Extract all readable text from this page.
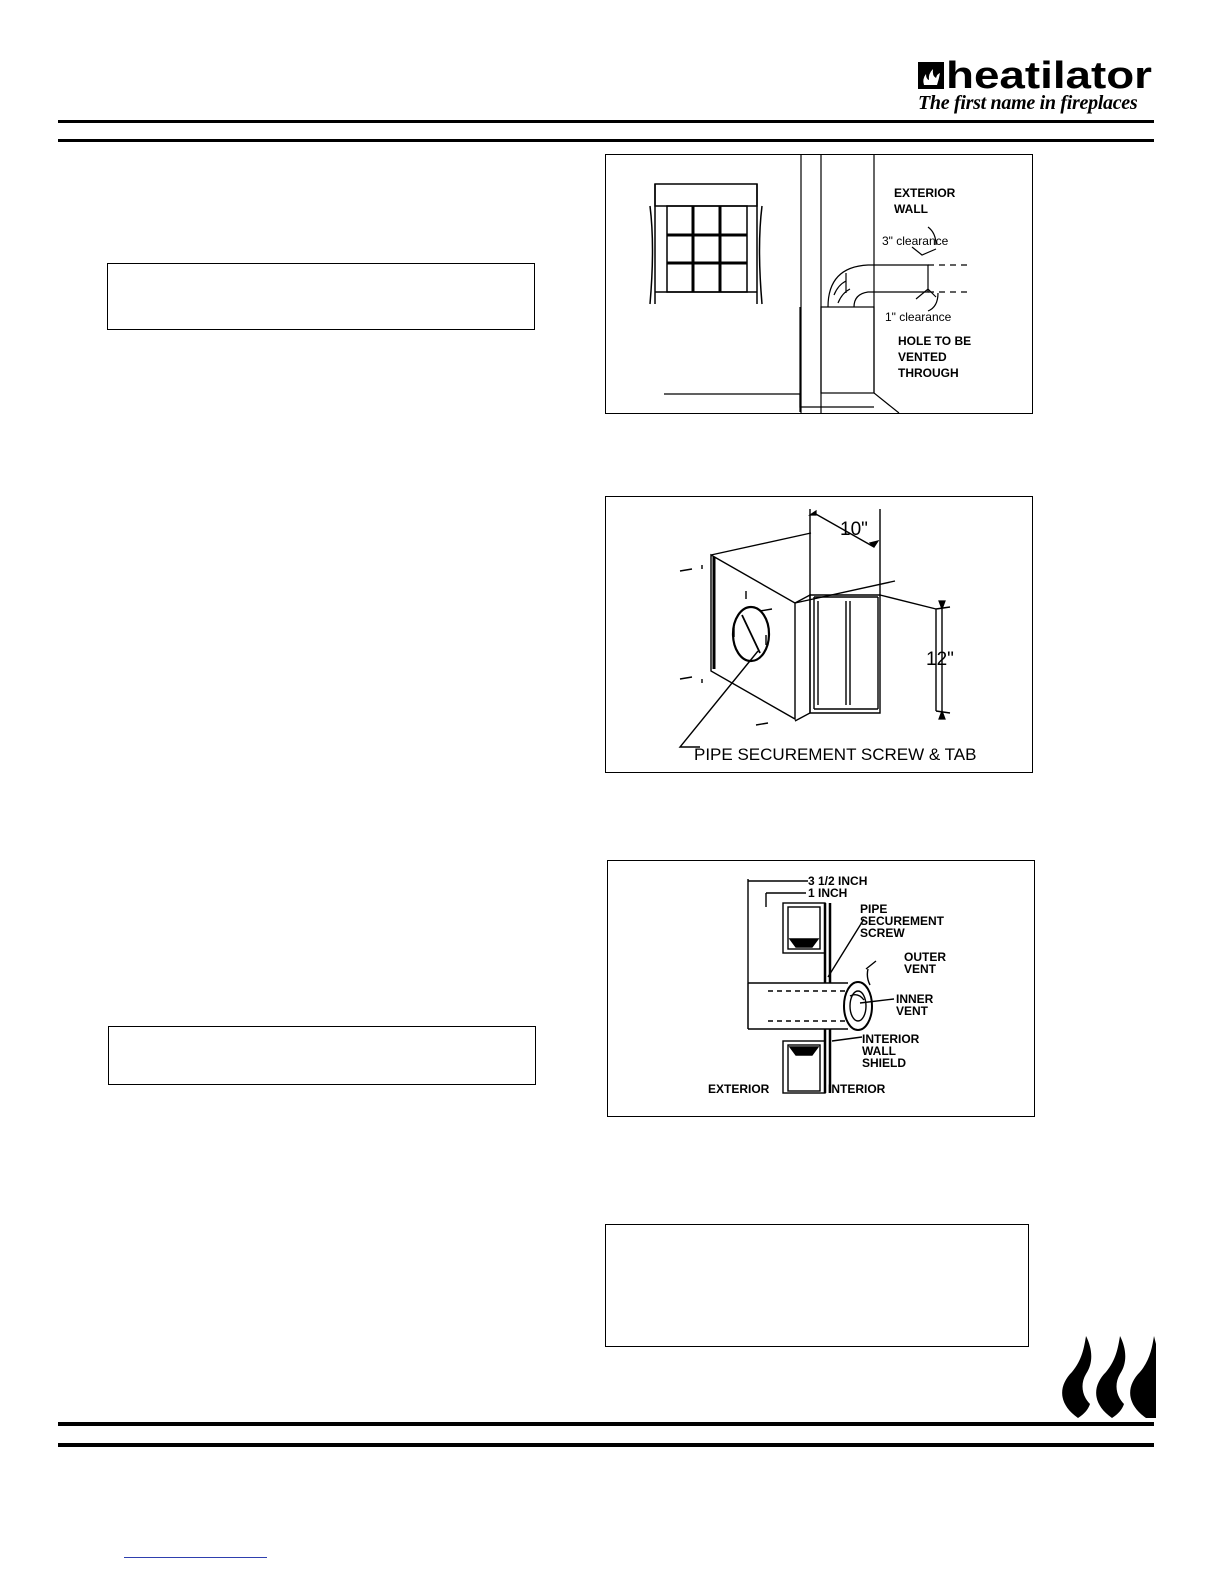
heatilator
The first name in fireplaces
EXTERIOR
WALL
3" clearance
1" clearance
HOLE TO BE
VENTED
THROUGH
10"
12"
PIPE SECUREMENT SCREW & TAB
3 1/2 INCH
1 INCH
PIPE
SECUREMENT
SCREW
OUTER
VENT
INNER
VENT
INTERIOR
WALL
SHIELD
EXTERIOR	INTERIOR
